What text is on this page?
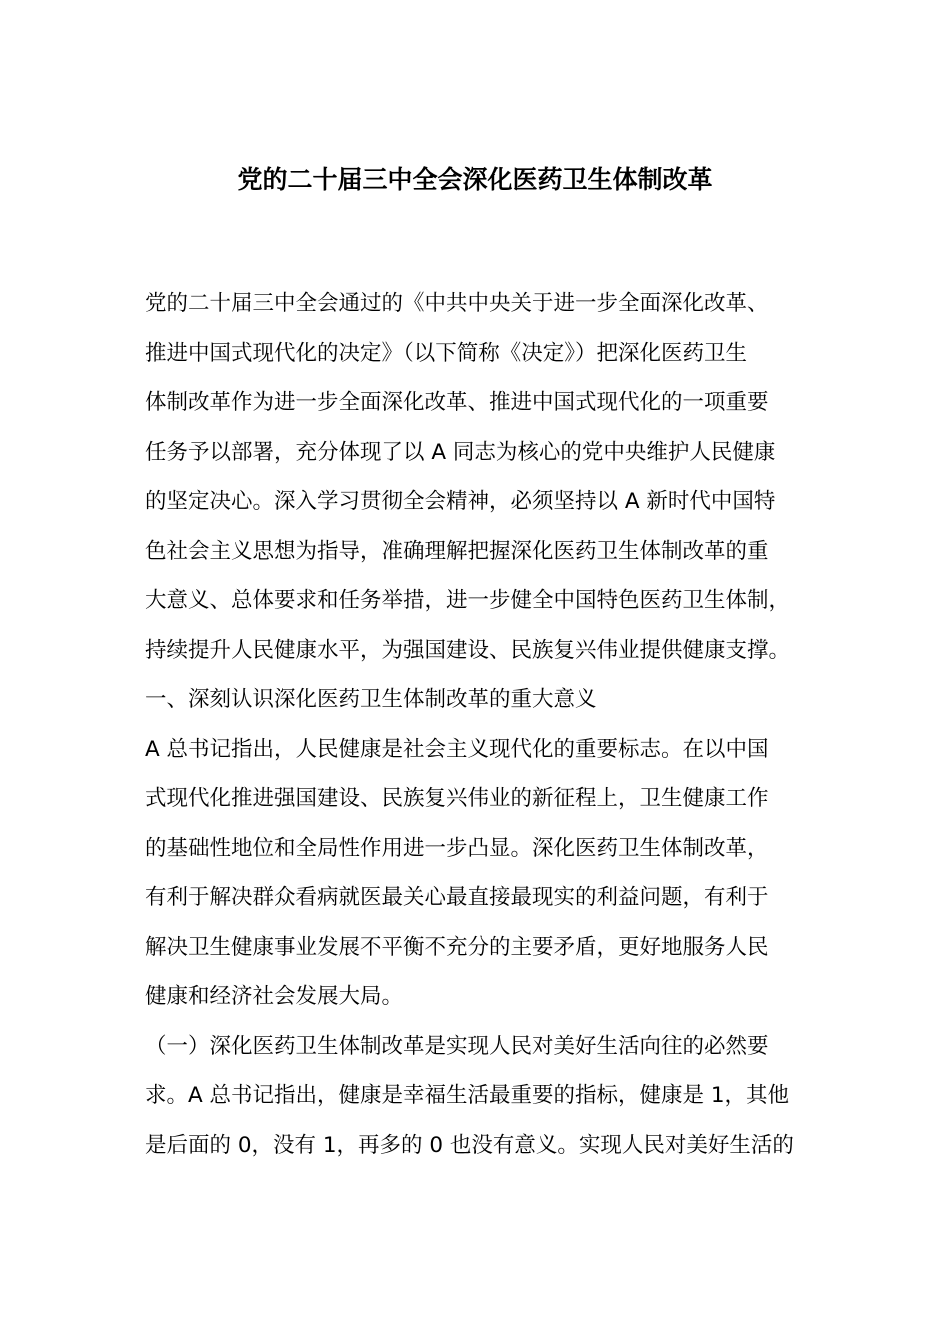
党的二十届三中全会深化医药卫生体制改革
党的二十届三中全会通过的《中共中央关于进一步全面深化改革、
推进中国式现代化的决定》（以下简称《决定》）把深化医药卫生
体制改革作为进一步全面深化改革、推进中国式现代化的一项重要
任务予以部署，充分体现了以 A 同志为核心的党中央维护人民健康
的坚定决心。深入学习贯彻全会精神，必须坚持以 A 新时代中国特
色社会主义思想为指导，准确理解把握深化医药卫生体制改革的重
大意义、总体要求和任务举措，进一步健全中国特色医药卫生体制，
持续提升人民健康水平，为强国建设、民族复兴伟业提供健康支撑。
一、深刻认识深化医药卫生体制改革的重大意义
A 总书记指出，人民健康是社会主义现代化的重要标志。在以中国
式现代化推进强国建设、民族复兴伟业的新征程上，卫生健康工作
的基础性地位和全局性作用进一步凸显。深化医药卫生体制改革，
有利于解决群众看病就医最关心最直接最现实的利益问题，有利于
解决卫生健康事业发展不平衡不充分的主要矛盾，更好地服务人民
健康和经济社会发展大局。
（一）深化医药卫生体制改革是实现人民对美好生活向往的必然要
求。A 总书记指出，健康是幸福生活最重要的指标，健康是 1，其他
是后面的 0，没有 1，再多的 0 也没有意义。实现人民对美好生活的
